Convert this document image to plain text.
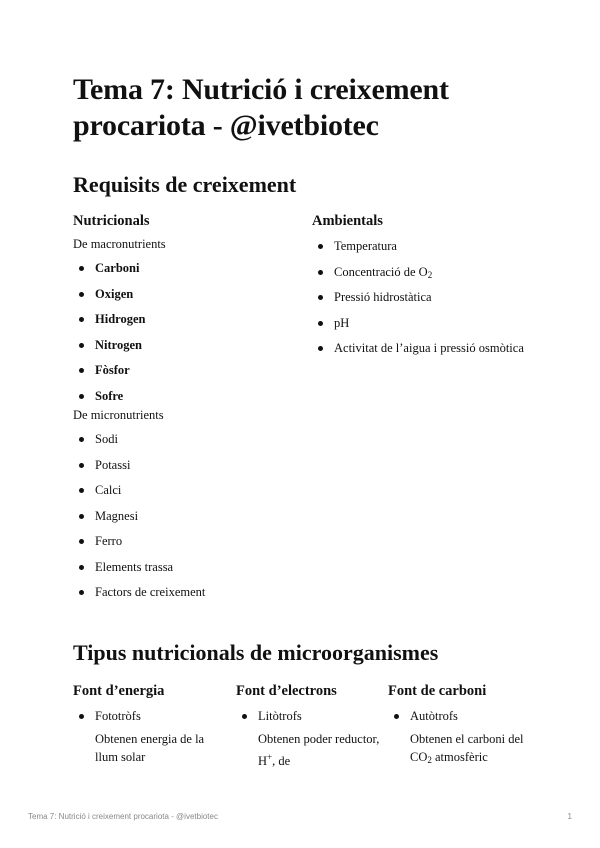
Tema 7: Nutrició i creixement procariota - @ivetbiotec
Requisits de creixement
Nutricionals

De macronutrients

Carboni
Oxigen
Hidrogen
Nitrogen
Fòsfor
Sofre

De micronutrients

Sodi
Potassi
Calci
Magnesi
Ferro
Elements trassa
Factors de creixement
Ambientals
Temperatura
Concentració de $O_2$
Pressió hidrostàtica
pH
Activitat de l’aigua i pressió osmòtica
Tipus nutricionals de microorganismes
Font d’energia
Fototròfs
Obtenen energia de la llum solar
Font d’electrons
Litòtrofs
Obtenen poder reductor, H+, de
Font de carboni
Autòtrofs
Obtenen el carboni del $CO_2$ atmosfèric
Tema 7: Nutrició i creixement procariota - @ivetbiotec	1
